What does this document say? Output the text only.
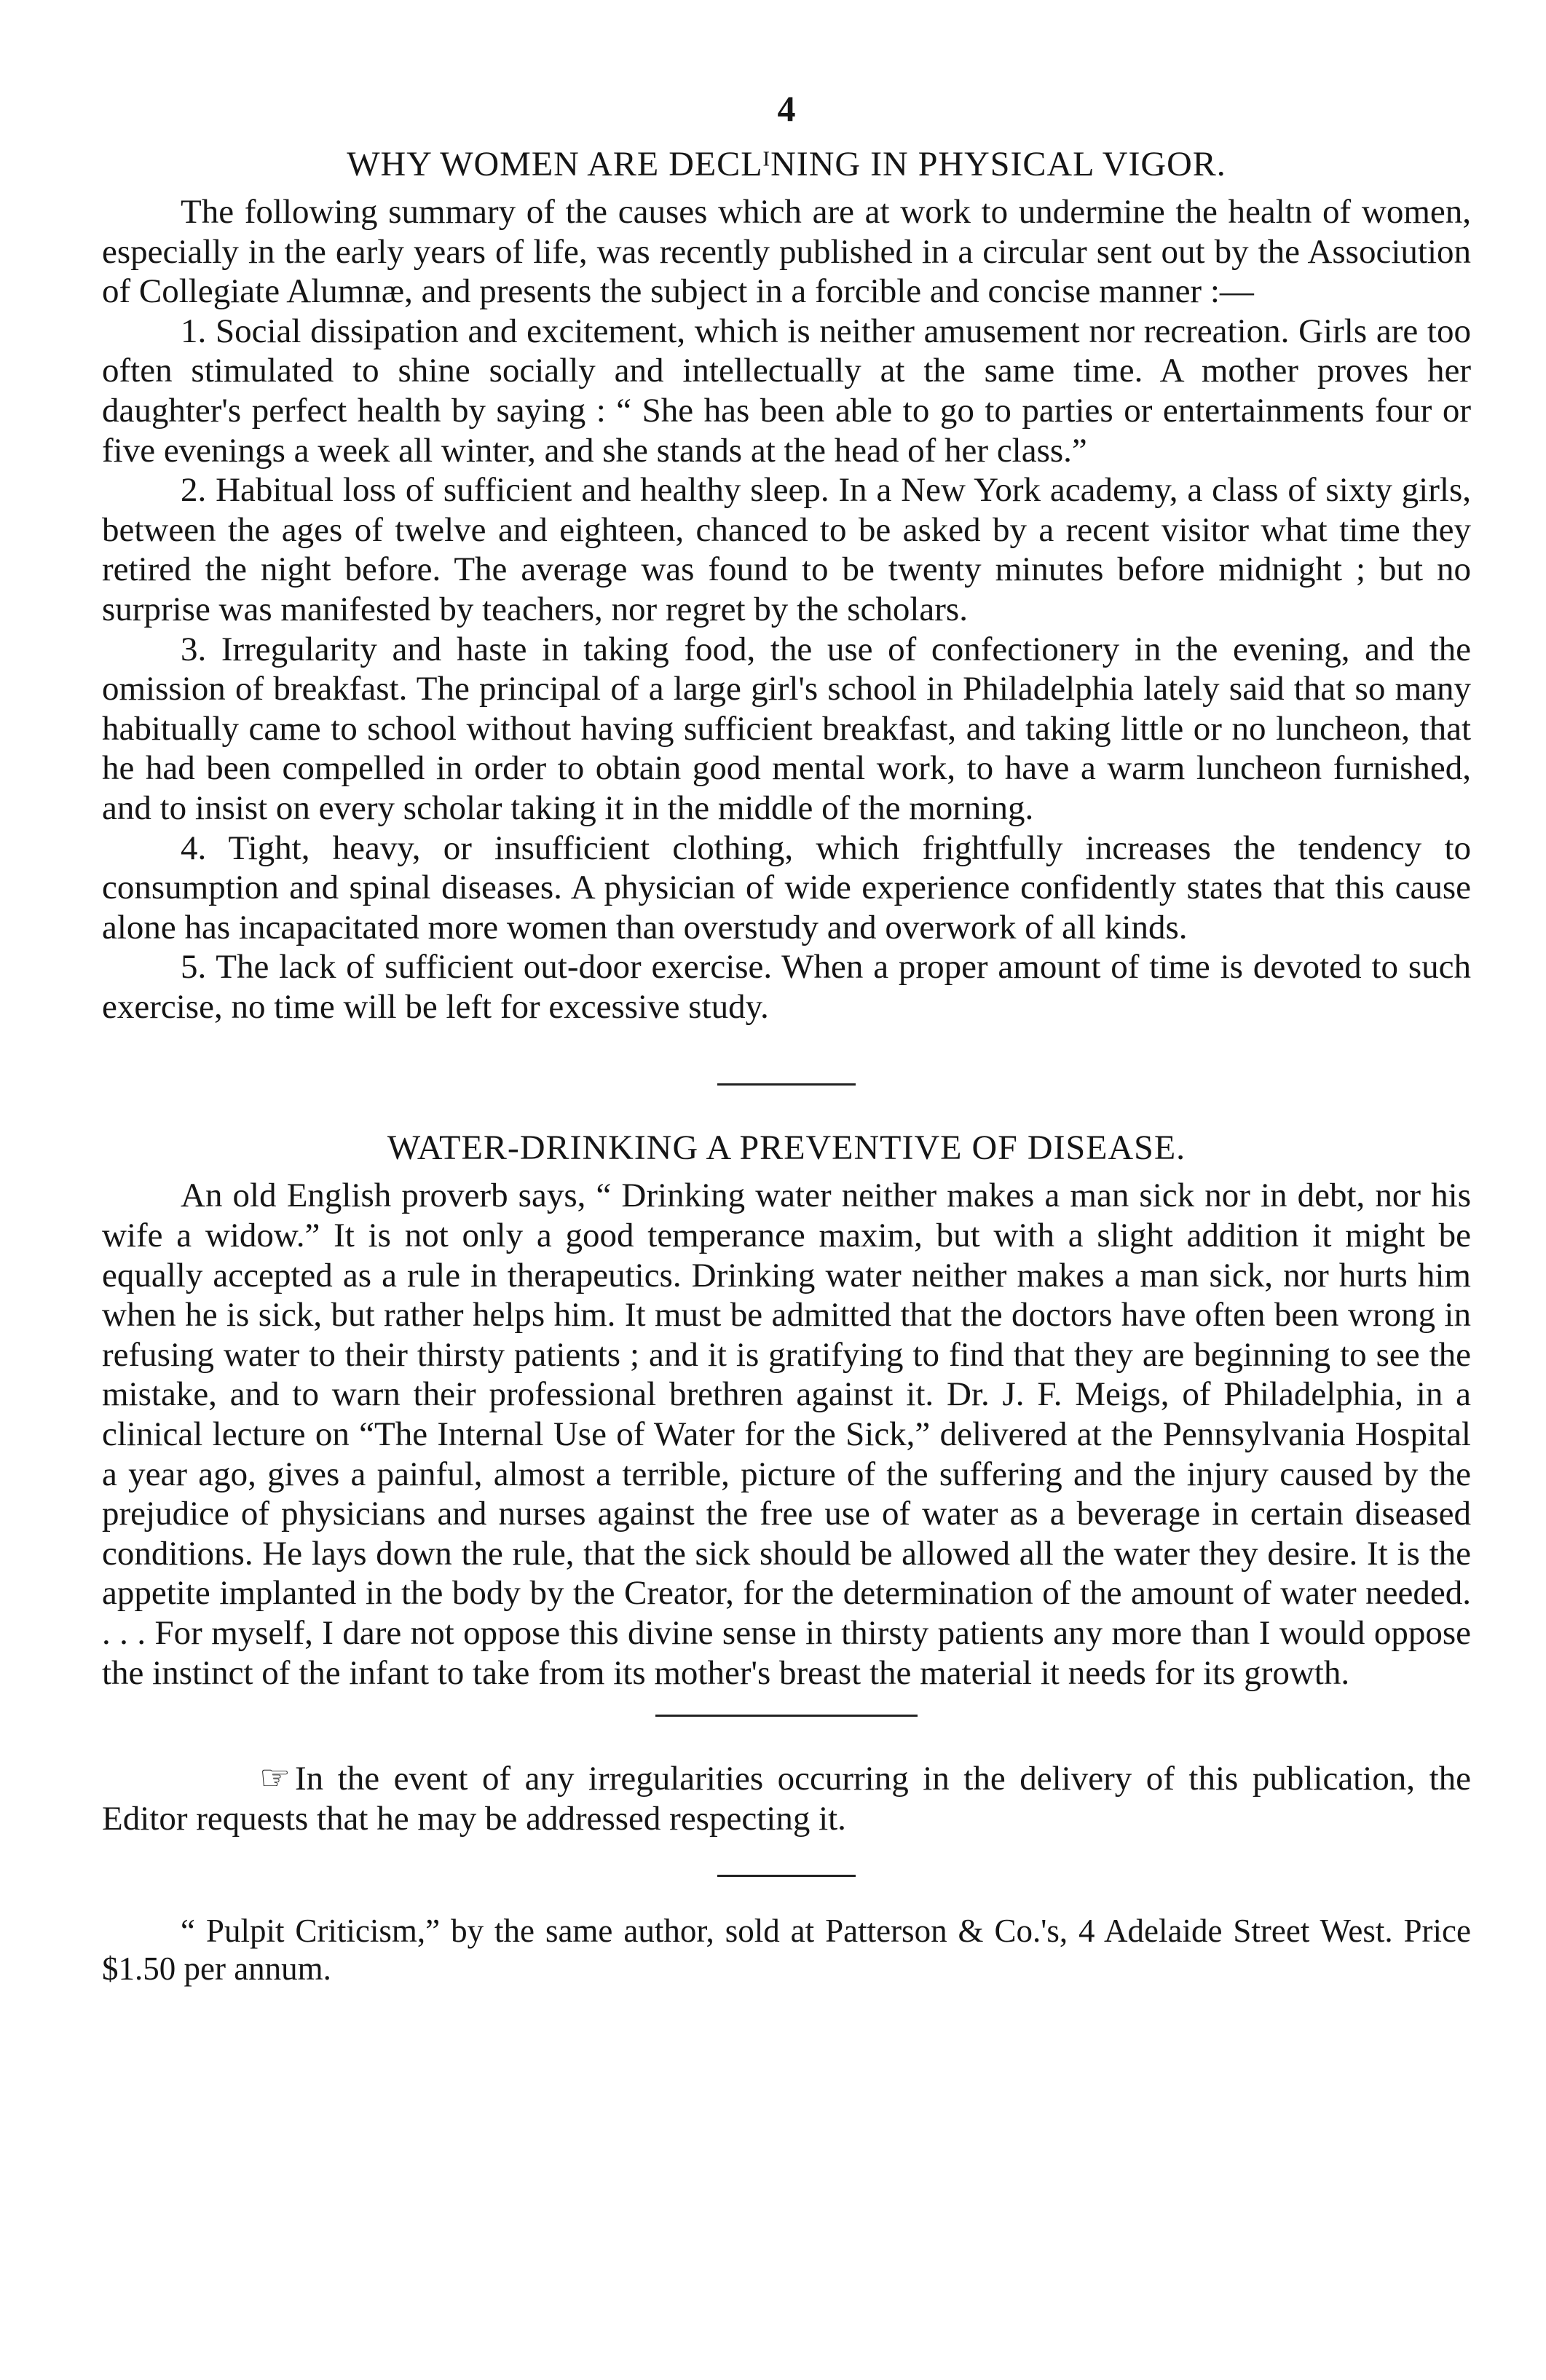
4
WHY WOMEN ARE DECLᴵNING IN PHYSICAL VIGOR.

The following summary of the causes which are at work to undermine the healtn of women, especially in the early years of life, was recently published in a circular sent out by the Associution of Collegiate Alumnæ, and presents the subject in a forcible and concise manner :—

1. Social dissipation and excitement, which is neither amusement nor recreation. Girls are too often stimulated to shine socially and intellectually at the same time. A mother proves her daughter's perfect health by saying : “ She has been able to go to parties or entertainments four or five evenings a week all winter, and she stands at the head of her class.”

2. Habitual loss of sufficient and healthy sleep. In a New York academy, a class of sixty girls, between the ages of twelve and eighteen, chanced to be asked by a recent visitor what time they retired the night before. The average was found to be twenty minutes before midnight ; but no surprise was manifested by teachers, nor regret by the scholars.

3. Irregularity and haste in taking food, the use of confectionery in the evening, and the omission of breakfast. The principal of a large girl's school in Philadelphia lately said that so many habitually came to school without having sufficient breakfast, and taking little or no luncheon, that he had been compelled in order to obtain good mental work, to have a warm luncheon furnished, and to insist on every scholar taking it in the middle of the morning.

4. Tight, heavy, or insufficient clothing, which frightfully increases the tendency to consumption and spinal diseases. A physician of wide experience confidently states that this cause alone has incapacitated more women than overstudy and overwork of all kinds.

5. The lack of sufficient out-door exercise. When a proper amount of time is devoted to such exercise, no time will be left for excessive study.

WATER-DRINKING A PREVENTIVE OF DISEASE.

An old English proverb says, “ Drinking water neither makes a man sick nor in debt, nor his wife a widow.” It is not only a good temperance maxim, but with a slight addition it might be equally accepted as a rule in therapeutics. Drinking water neither makes a man sick, nor hurts him when he is sick, but rather helps him. It must be admitted that the doctors have often been wrong in refusing water to their thirsty patients ; and it is gratifying to find that they are beginning to see the mistake, and to warn their professional brethren against it. Dr. J. F. Meigs, of Philadelphia, in a clinical lecture on “The Internal Use of Water for the Sick,” delivered at the Pennsylvania Hospital a year ago, gives a painful, almost a terrible, picture of the suffering and the injury caused by the prejudice of physicians and nurses against the free use of water as a beverage in certain diseased conditions. He lays down the rule, that the sick should be allowed all the water they desire. It is the appetite implanted in the body by the Creator, for the determination of the amount of water needed. . . . For myself, I dare not oppose this divine sense in thirsty patients any more than I would oppose the instinct of the infant to take from its mother's breast the material it needs for its growth.

☞ In the event of any irregularities occurring in the delivery of this publication, the Editor requests that he may be addressed respecting it.

“ Pulpit Criticism,” by the same author, sold at Patterson & Co.'s, 4 Adelaide Street West. Price $1.50 per annum.
